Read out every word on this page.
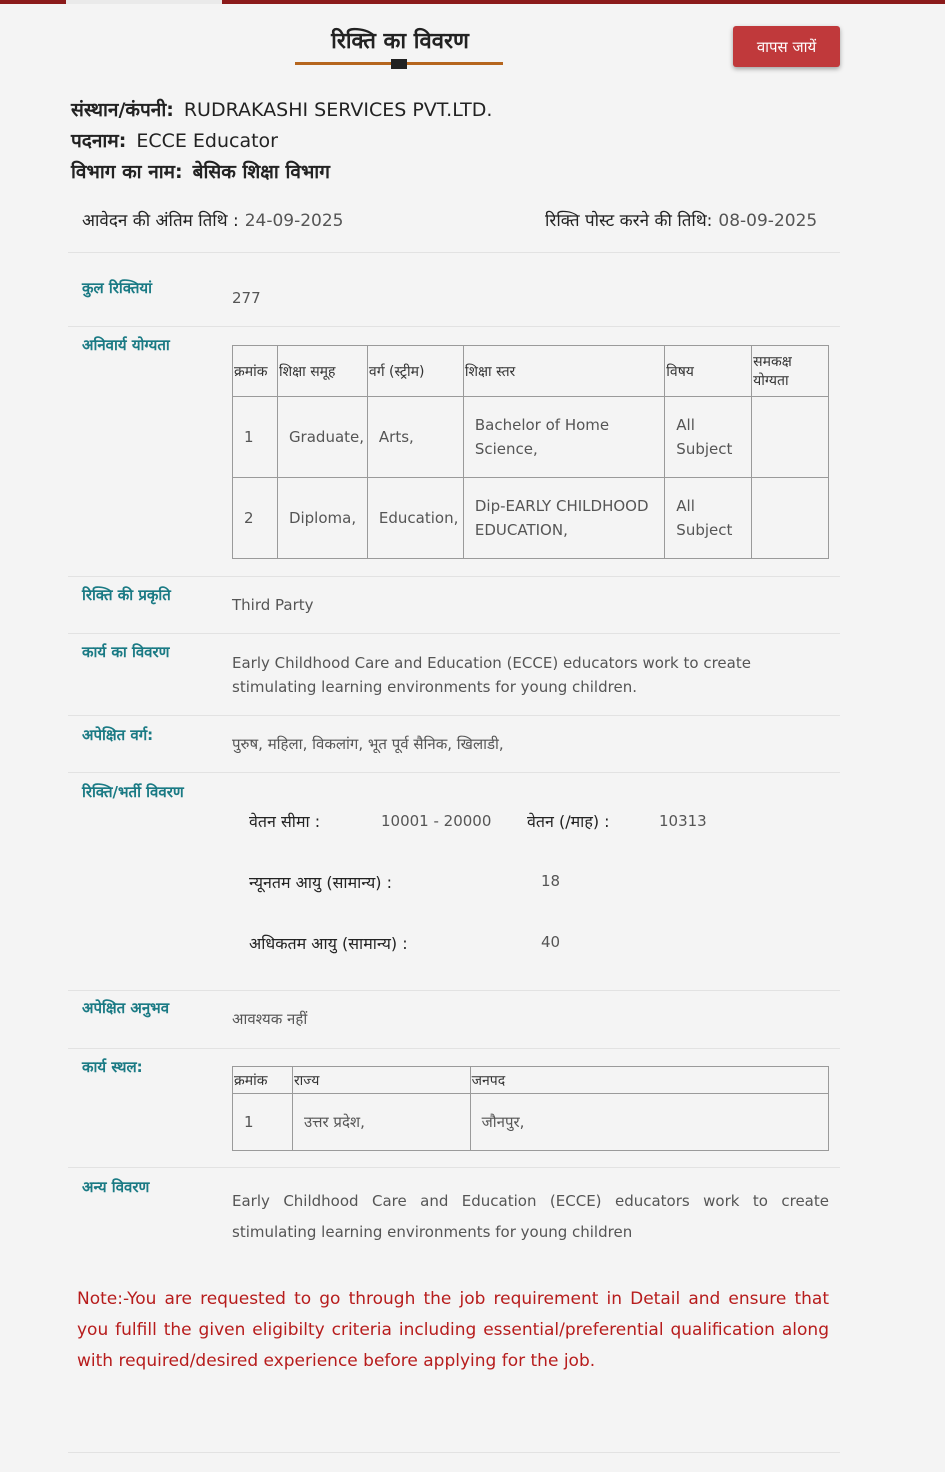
रिक्ति का विवरण	वापस जायें
संस्थान/कंपनी: RUDRAKASHI SERVICES PVT.LTD.
पदनाम: ECCE Educator
विभाग का नाम: बेसिक शिक्षा विभाग
आवेदन की अंतिम तिथि : 24-09-2025	रिक्ति पोस्ट करने की तिथि: 08-09-2025
कुल रिक्तियां
277
अनिवार्य योग्यता
क्रमांक	शिक्षा समूह	वर्ग (स्ट्रीम)	शिक्षा स्तर	विषय	समकक्ष योग्यता
1	Graduate,	Arts,	Bachelor of Home Science,	All Subject	
2	Diploma,	Education,	Dip-EARLY CHILDHOOD EDUCATION,	All Subject	
रिक्ति की प्रकृति
Third Party
कार्य का विवरण
Early Childhood Care and Education (ECCE) educators work to create stimulating learning environments for young children.
अपेक्षित वर्ग:	पुरुष, महिला, विकलांग, भूत पूर्व सैनिक, खिलाडी,
रिक्ति/भर्ती विवरण
वेतन सीमा :	10001 - 20000 वेतन (/माह) :	10313
न्यूनतम आयु (सामान्य) :	18
अधिकतम आयु (सामान्य) :	40
अपेक्षित अनुभव
आवश्यक नहीं
कार्य स्थल:
क्रमांक	राज्य	जनपद
1	उत्तर प्रदेश,	जौनपुर,
अन्य विवरण
Early Childhood Care and Education (ECCE) educators work to create stimulating learning environments for young children
Note:-You are requested to go through the job requirement in Detail and ensure that you fulfill the given eligibilty criteria including essential/preferential qualification along with required/desired experience before applying for the job.
